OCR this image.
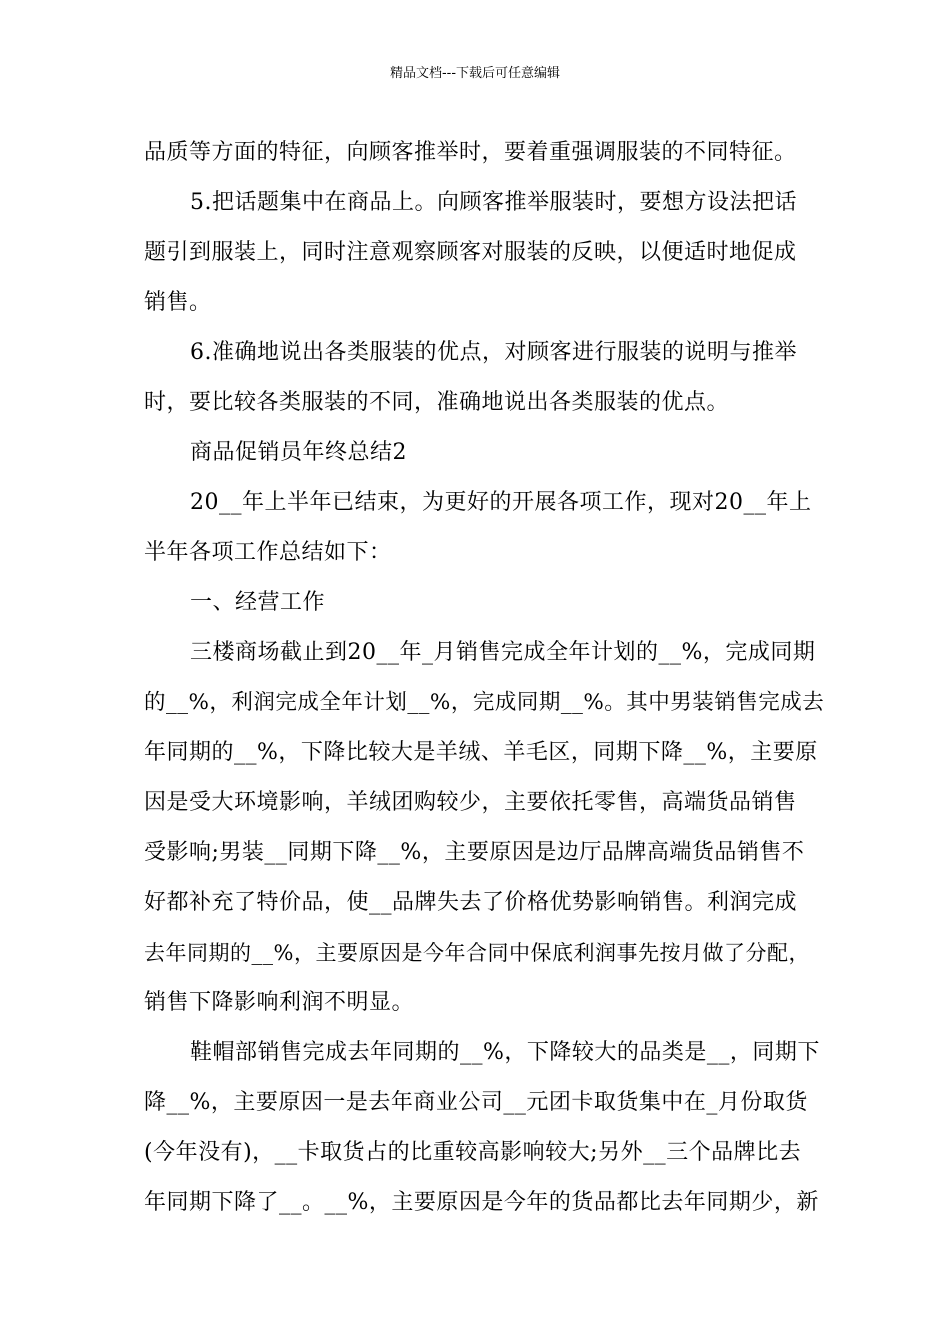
精品文档---下载后可任意编辑
品质等方面的特征，向顾客推举时，要着重强调服装的不同特征。
5.把话题集中在商品上。向顾客推举服装时，要想方设法把话
题引到服装上，同时注意观察顾客对服装的反映，以便适时地促成
销售。
6.准确地说出各类服装的优点，对顾客进行服装的说明与推举
时，要比较各类服装的不同，准确地说出各类服装的优点。
商品促销员年终总结2
20__年上半年已结束，为更好的开展各项工作，现对20__年上
半年各项工作总结如下：
一、经营工作
三楼商场截止到20__年_月销售完成全年计划的__%，完成同期
的__%，利润完成全年计划__%，完成同期__%。其中男装销售完成去
年同期的__%，下降比较大是羊绒、羊毛区，同期下降__%，主要原
因是受大环境影响，羊绒团购较少，主要依托零售，高端货品销售
受影响;男装__同期下降__%，主要原因是边厅品牌高端货品销售不
好都补充了特价品，使__品牌失去了价格优势影响销售。利润完成
去年同期的__%，主要原因是今年合同中保底利润事先按月做了分配，
销售下降影响利润不明显。
鞋帽部销售完成去年同期的__%，下降较大的品类是__，同期下
降__%，主要原因一是去年商业公司__元团卡取货集中在_月份取货
(今年没有)，__卡取货占的比重较高影响较大;另外__三个品牌比去
年同期下降了__。__%，主要原因是今年的货品都比去年同期少，新
